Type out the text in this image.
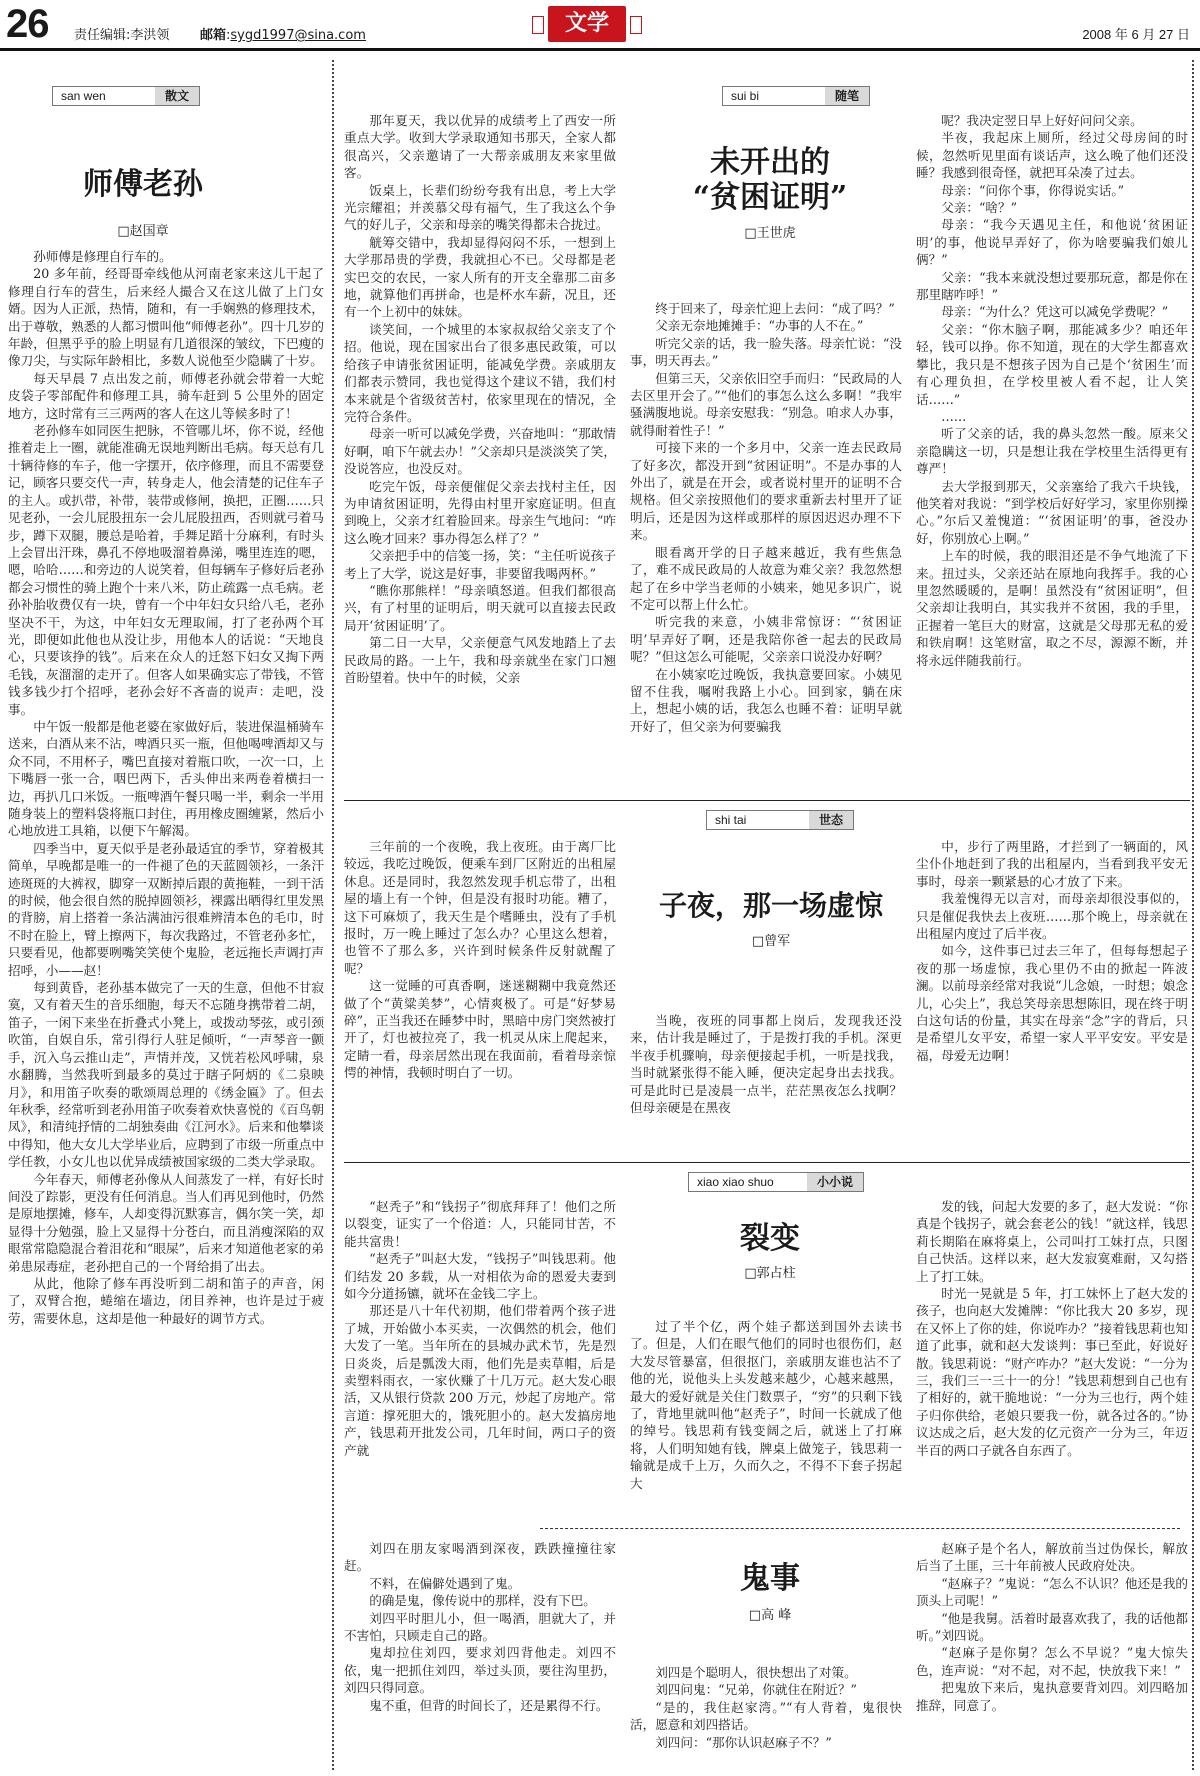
26 责任编辑:李洪领 邮箱:sygd1997@sina.com	文学	2008 年 6 月 27 日
san wen	散文
师傅老孙
□赵国章

孙师傅是修理自行车的。

20 多年前，经哥哥牵线他从河南老家来这儿干起了修理自行车的营生，后来经人撮合又在这儿做了上门女婿。因为人正派，热情，随和，有一手娴熟的修理技术，出于尊敬，熟悉的人都习惯叫他“师傅老孙”。四十几岁的年龄，但黑乎乎的脸上明显有几道很深的皱纹，下巴瘦的像刀尖，与实际年龄相比，多数人说他至少隐瞒了十岁。

每天早晨 7 点出发之前，师傅老孙就会带着一大蛇皮袋子零部配件和修理工具，骑车赶到 5 公里外的固定地方，这时常有三三两两的客人在这儿等候多时了！

老孙修车如同医生把脉，不管哪儿坏，你不说，经他推着走上一圈，就能准确无误地判断出毛病。每天总有几十辆待修的车子，他一字摆开，依序修理，而且不需要登记，顾客只要交代一声，转身走人，他会清楚的记住车子的主人。或扒带，补带，装带或修闸，换把，正圈……只见老孙，一会儿屁股扭东一会儿屁股扭西，否则就弓着马步，蹲下双腿，腰总是哈着，手舞足蹈十分麻利，有时头上会冒出汗珠，鼻孔不停地吸溜着鼻涕，嘴里连连的嗯，嗯，哈哈……和旁边的人说笑着，但每辆车子修好后老孙都会习惯性的骑上跑个十来八米，防止疏露一点毛病。老孙补胎收费仅有一块，曾有一个中年妇女只给八毛，老孙坚决不干，为这，中年妇女无理取闹，打了老孙两个耳光，即便如此他也从没让步，用他本人的话说：“天地良心，只要该挣的钱”。后来在众人的迁怒下妇女又掏下两毛钱，灰溜溜的走开了。但客人如果确实忘了带钱，不管钱多钱少打个招呼，老孙会好不吝啬的说声：走吧，没事。

中午饭一般都是他老婆在家做好后，装进保温桶骑车送来，白酒从来不沾，啤酒只买一瓶，但他喝啤酒却又与众不同，不用杯子，嘴巴直接对着瓶口吹，一次一口，上下嘴唇一张一合，咽巴两下，舌头伸出来两卷着横扫一边，再扒几口米饭。一瓶啤酒午餐只喝一半，剩余一半用随身装上的塑料袋将瓶口封住，再用橡皮圈缠紧，然后小心地放进工具箱，以便下午解渴。

四季当中，夏天似乎是老孙最适宜的季节，穿着极其简单，早晚都是唯一的一件褪了色的天蓝圆领衫，一条汗迹斑斑的大裤衩，脚穿一双断掉后跟的黄拖鞋，一到干活的时候，他会很自然的脱掉圆领衫，裸露出晒得红里发黑的背膀，肩上搭着一条沾满油污很难辨清本色的毛巾，时不时在脸上，臂上擦两下，每次我路过，不管老孙多忙，只要看见，他都要咧嘴笑笑使个鬼脸，老远拖长声调打声招呼，小——赵！

每到黄昏，老孙基本做完了一天的生意，但他不甘寂寞，又有着天生的音乐细胞，每天不忘随身携带着二胡，笛子，一闲下来坐在折叠式小凳上，或拨动琴弦，或引颈吹笛，自娱自乐，常引得行人驻足倾听，“一声琴音一颤手，沉入乌云推山走”，声情并茂，又恍若松风呼啸，泉水翻腾，当然我听到最多的莫过于瞎子阿炳的《二泉映月》，和用笛子吹奏的歌颂周总理的《绣金匾》了。但去年秋季，经常听到老孙用笛子吹奏着欢快喜悦的《百鸟朝凤》，和清纯抒情的二胡独奏曲《江河水》。后来和他攀谈中得知，他大女儿大学毕业后，应聘到了市级一所重点中学任教，小女儿也以优异成绩被国家级的二类大学录取。

今年春天，师傅老孙像从人间蒸发了一样，有好长时间没了踪影，更没有任何消息。当人们再见到他时，仍然是原地摆摊，修车，人却变得沉默寡言，偶尔笑一笑，却显得十分勉强，脸上又显得十分苍白，而且消瘦深陷的双眼常常隐隐混合着泪花和“眼屎”，后来才知道他老家的弟弟患尿毒症，老孙把自己的一个肾给捐了出去。

从此，他除了修车再没听到二胡和笛子的声音，闲了，双臂合抱，蜷缩在墙边，闭目养神，也许是过于疲劳，需要休息，这却是他一种最好的调节方式。

sui bi	随笔

那年夏天，我以优异的成绩考上了西安一所重点大学。收到大学录取通知书那天，全家人都很高兴，父亲邀请了一大帮亲戚朋友来家里做客。

饭桌上，长辈们纷纷夸我有出息，考上大学光宗耀祖；并羡慕父母有福气，生了我这么个争气的好儿子，父亲和母亲的嘴笑得都未合拢过。

觥筹交错中，我却显得闷闷不乐，一想到上大学那昂贵的学费，我就担心不已。父母都是老实巴交的农民，一家人所有的开支全靠那二亩多地，就算他们再拼命，也是杯水车薪，况且，还有一个上初中的妹妹。

谈笑间，一个城里的本家叔叔给父亲支了个招。他说，现在国家出台了很多惠民政策，可以给孩子申请张贫困证明，能减免学费。亲戚朋友们都表示赞同，我也觉得这个建议不错，我们村本来就是个省级贫苦村，依家里现在的情况，全完符合条件。

母亲一听可以减免学费，兴奋地叫：“那敢情好啊，咱下午就去办！”父亲却只是淡淡笑了笑，没说答应，也没反对。

吃完午饭，母亲便催促父亲去找村主任，因为申请贫困证明，先得由村里开家庭证明。但直到晚上，父亲才红着脸回来。母亲生气地问：“咋这么晚才回来？事办得怎么样了？”

父亲把手中的信笺一扬，笑：“主任听说孩子考上了大学，说这是好事，非要留我喝两杯。”

“瞧你那熊样！”母亲嗔怒道。但我们都很高兴，有了村里的证明后，明天就可以直接去民政局开‘贫困证明’了。

第二日一大早，父亲便意气风发地踏上了去民政局的路。一上午，我和母亲就坐在家门口翘首盼望着。快中午的时候，父亲

未开出的
“贫困证明”
□王世虎

终于回来了，母亲忙迎上去问：“成了吗？”

父亲无奈地摊摊手：“办事的人不在。”

听完父亲的话，我一脸失落。母亲忙说：“没事，明天再去。”

但第三天，父亲依旧空手而归：“民政局的人去区里开会了。”“他们的事怎么这么多啊！”我牢骚满腹地说。母亲安慰我：“别急。咱求人办事，就得耐着性子！”

可接下来的一个多月中，父亲一连去民政局了好多次，都没开到“贫困证明”。不是办事的人外出了，就是在开会，或者说村里开的证明不合规格。但父亲按照他们的要求重新去村里开了证明后，还是因为这样或那样的原因迟迟办理不下来。

眼看离开学的日子越来越近，我有些焦急了，难不成民政局的人故意为难父亲？我忽然想起了在乡中学当老师的小姨来，她见多识广，说不定可以帮上什么忙。

听完我的来意，小姨非常惊讶：“‘贫困证明’早弄好了啊，还是我陪你爸一起去的民政局呢？”但这怎么可能呢，父亲亲口说没办好啊？

在小姨家吃过晚饭，我执意要回家。小姨见留不住我，嘱咐我路上小心。回到家，躺在床上，想起小姨的话，我怎么也睡不着：证明早就开好了，但父亲为何要骗我

呢？我决定翌日早上好好问问父亲。

半夜，我起床上厕所，经过父母房间的时候，忽然听见里面有谈话声，这么晚了他们还没睡？我感到很奇怪，就把耳朵凑了过去。

母亲：“问你个事，你得说实话。”

父亲：“啥？”

母亲：“我今天遇见主任，和他说‘贫困证明’的事，他说早弄好了，你为啥要骗我们娘儿俩？”

父亲：“我本来就没想过要那玩意，都是你在那里瞎咋呼！”

母亲：“为什么？凭这可以减免学费呢？”

父亲：“你木脑子啊，那能减多少？咱还年轻，钱可以挣。你不知道，现在的大学生都喜欢攀比，我只是不想孩子因为自己是个‘贫困生’而有心理负担，在学校里被人看不起，让人笑话……”

……

听了父亲的话，我的鼻头忽然一酸。原来父亲隐瞒这一切，只是想让我在学校里生活得更有尊严！

去大学报到那天，父亲塞给了我六千块钱，他笑着对我说：“到学校后好好学习，家里你别操心。”尔后又羞愧道：“‘贫困证明’的事，爸没办好，你别放心上啊。”

上车的时候，我的眼泪还是不争气地流了下来。扭过头，父亲还站在原地向我挥手。我的心里忽然暖暖的，是啊！虽然没有“贫困证明”，但父亲却让我明白，其实我并不贫困，我的手里，正握着一笔巨大的财富，这就是父母那无私的爱和铁肩啊！这笔财富，取之不尽，源源不断，并将永远伴随我前行。

shi tai	世态

三年前的一个夜晚，我上夜班。由于离厂比较远，我吃过晚饭，便乘车到厂区附近的出租屋休息。还是同时，我忽然发现手机忘带了，出租屋的墙上有一个钟，但是没有报时功能。糟了，这下可麻烦了，我天生是个嗜睡虫，没有了手机报时，万一晚上睡过了怎么办？心里这么想着，也管不了那么多，兴许到时候条件反射就醒了呢？

这一觉睡的可真香啊，迷迷糊糊中我竟然还做了个“黄粱美梦”，心情爽极了。可是“好梦易碎”，正当我还在睡梦中时，黑暗中房门突然被打开了，灯也被拉亮了，我一机灵从床上爬起来，定睛一看，母亲居然出现在我面前，看着母亲惊愕的神情，我顿时明白了一切。

子夜，那一场虚惊
□曾军

当晚，夜班的同事都上岗后，发现我还没来，估计我是睡过了，于是拨打我的手机。深更半夜手机骤响，母亲便接起手机，一听是找我，当时就紧张得不能入睡，便决定起身出去找我。可是此时已是凌晨一点半，茫茫黑夜怎么找啊？但母亲硬是在黑夜

中，步行了两里路，才拦到了一辆面的，风尘仆仆地赶到了我的出租屋内，当看到我平安无事时，母亲一颗紧悬的心才放了下来。

我羞愧得无以言对，而母亲却很没事似的，只是催促我快去上夜班……那个晚上，母亲就在出租屋内度过了后半夜。

如今，这件事已过去三年了，但每每想起子夜的那一场虚惊，我心里仍不由的掀起一阵波澜。以前母亲经常对我说“儿念娘，一时想；娘念儿，心尖上”，我总笑母亲思想陈旧，现在终于明白这句话的份量，其实在母亲“念”字的背后，只是希望儿女平安，希望一家人平平安安。平安是福，母爱无边啊！

xiao xiao shuo	小小说

“赵秃子”和“钱拐子”彻底拜拜了！他们之所以裂变，证实了一个俗道：人，只能同甘苦，不能共富贵！

“赵秃子”叫赵大发，“钱拐子”叫钱思莉。他们结发 20 多载，从一对相依为命的恩爱夫妻到如今分道扬镳，就坏在金钱二字上。

那还是八十年代初期，他们带着两个孩子进了城，开始做小本买卖，一次偶然的机会，他们大发了一笔。当年所在的县城办武术节，先是烈日炎炎，后是瓢泼大雨，他们先是卖草帽，后是卖塑料雨衣，一家伙赚了十几万元。赵大发心眼活，又从银行贷款 200 万元，炒起了房地产。常言道：撑死胆大的，饿死胆小的。赵大发搞房地产，钱思莉开批发公司，几年时间，两口子的资产就

裂变
□郭占柱

过了半个亿，两个娃子都送到国外去读书了。但是，人们在眼气他们的同时也很伤们，赵大发尽管暴富，但很抠门，亲戚朋友谁也沾不了他的光，说他头上头发越来越少，心越来越黑，最大的爱好就是关住门数票子，“穷”的只剩下钱了，背地里就叫他“赵秃子”，时间一长就成了他的绰号。钱思莉有钱变阔之后，就迷上了打麻将，人们明知她有钱，牌桌上做笼子，钱思莉一输就是成千上万，久而久之，不得不下套子拐起大

发的钱，问起大发要的多了，赵大发说：“你真是个钱拐子，就会套老公的钱！”就这样，钱思莉长期陷在麻将桌上，公司叫打工妹打点，只图自己快活。这样以来，赵大发寂寞难耐，又勾搭上了打工妹。

时光一晃就是 5 年，打工妹怀上了赵大发的孩子，也向赵大发摊牌：“你比我大 20 多岁，现在又怀上了你的娃，你说咋办？”接着钱思莉也知道了此事，就和赵大发谈判：事已至此，好说好散。钱思莉说：“财产咋办？”赵大发说：“一分为三，我们三一三十一的分！”钱思莉想到自己也有了相好的，就干脆地说：“一分为三也行，两个娃子归你供给，老娘只要我一份，就各过各的。”协议达成之后，赵大发的亿元资产一分为三，年迈半百的两口子就各自东西了。

刘四在朋友家喝酒到深夜，跌跌撞撞往家赶。

不料，在偏僻处遇到了鬼。

的确是鬼，像传说中的那样，没有下巴。

刘四平时胆儿小，但一喝酒，胆就大了，并不害怕，只顾走自己的路。

鬼却拉住刘四，要求刘四背他走。刘四不依，鬼一把抓住刘四，举过头顶，要往沟里扔，刘四只得同意。

鬼不重，但背的时间长了，还是累得不行。

鬼事
□高 峰

刘四是个聪明人，很快想出了对策。

刘四问鬼：“兄弟，你就住在附近？”

“是的，我住赵家湾。”“有人背着，鬼很快活，愿意和刘四搭话。

刘四问：“那你认识赵麻子不？”

赵麻子是个名人，解放前当过伪保长，解放后当了土匪，三十年前被人民政府处决。

“赵麻子？”鬼说：“怎么不认识？他还是我的顶头上司呢！”

“他是我舅。活着时最喜欢我了，我的话他都听。”刘四说。

“赵麻子是你舅？怎么不早说？”鬼大惊失色，连声说：“对不起，对不起，快放我下来！”

把鬼放下来后，鬼执意要背刘四。刘四略加推辞，同意了。
